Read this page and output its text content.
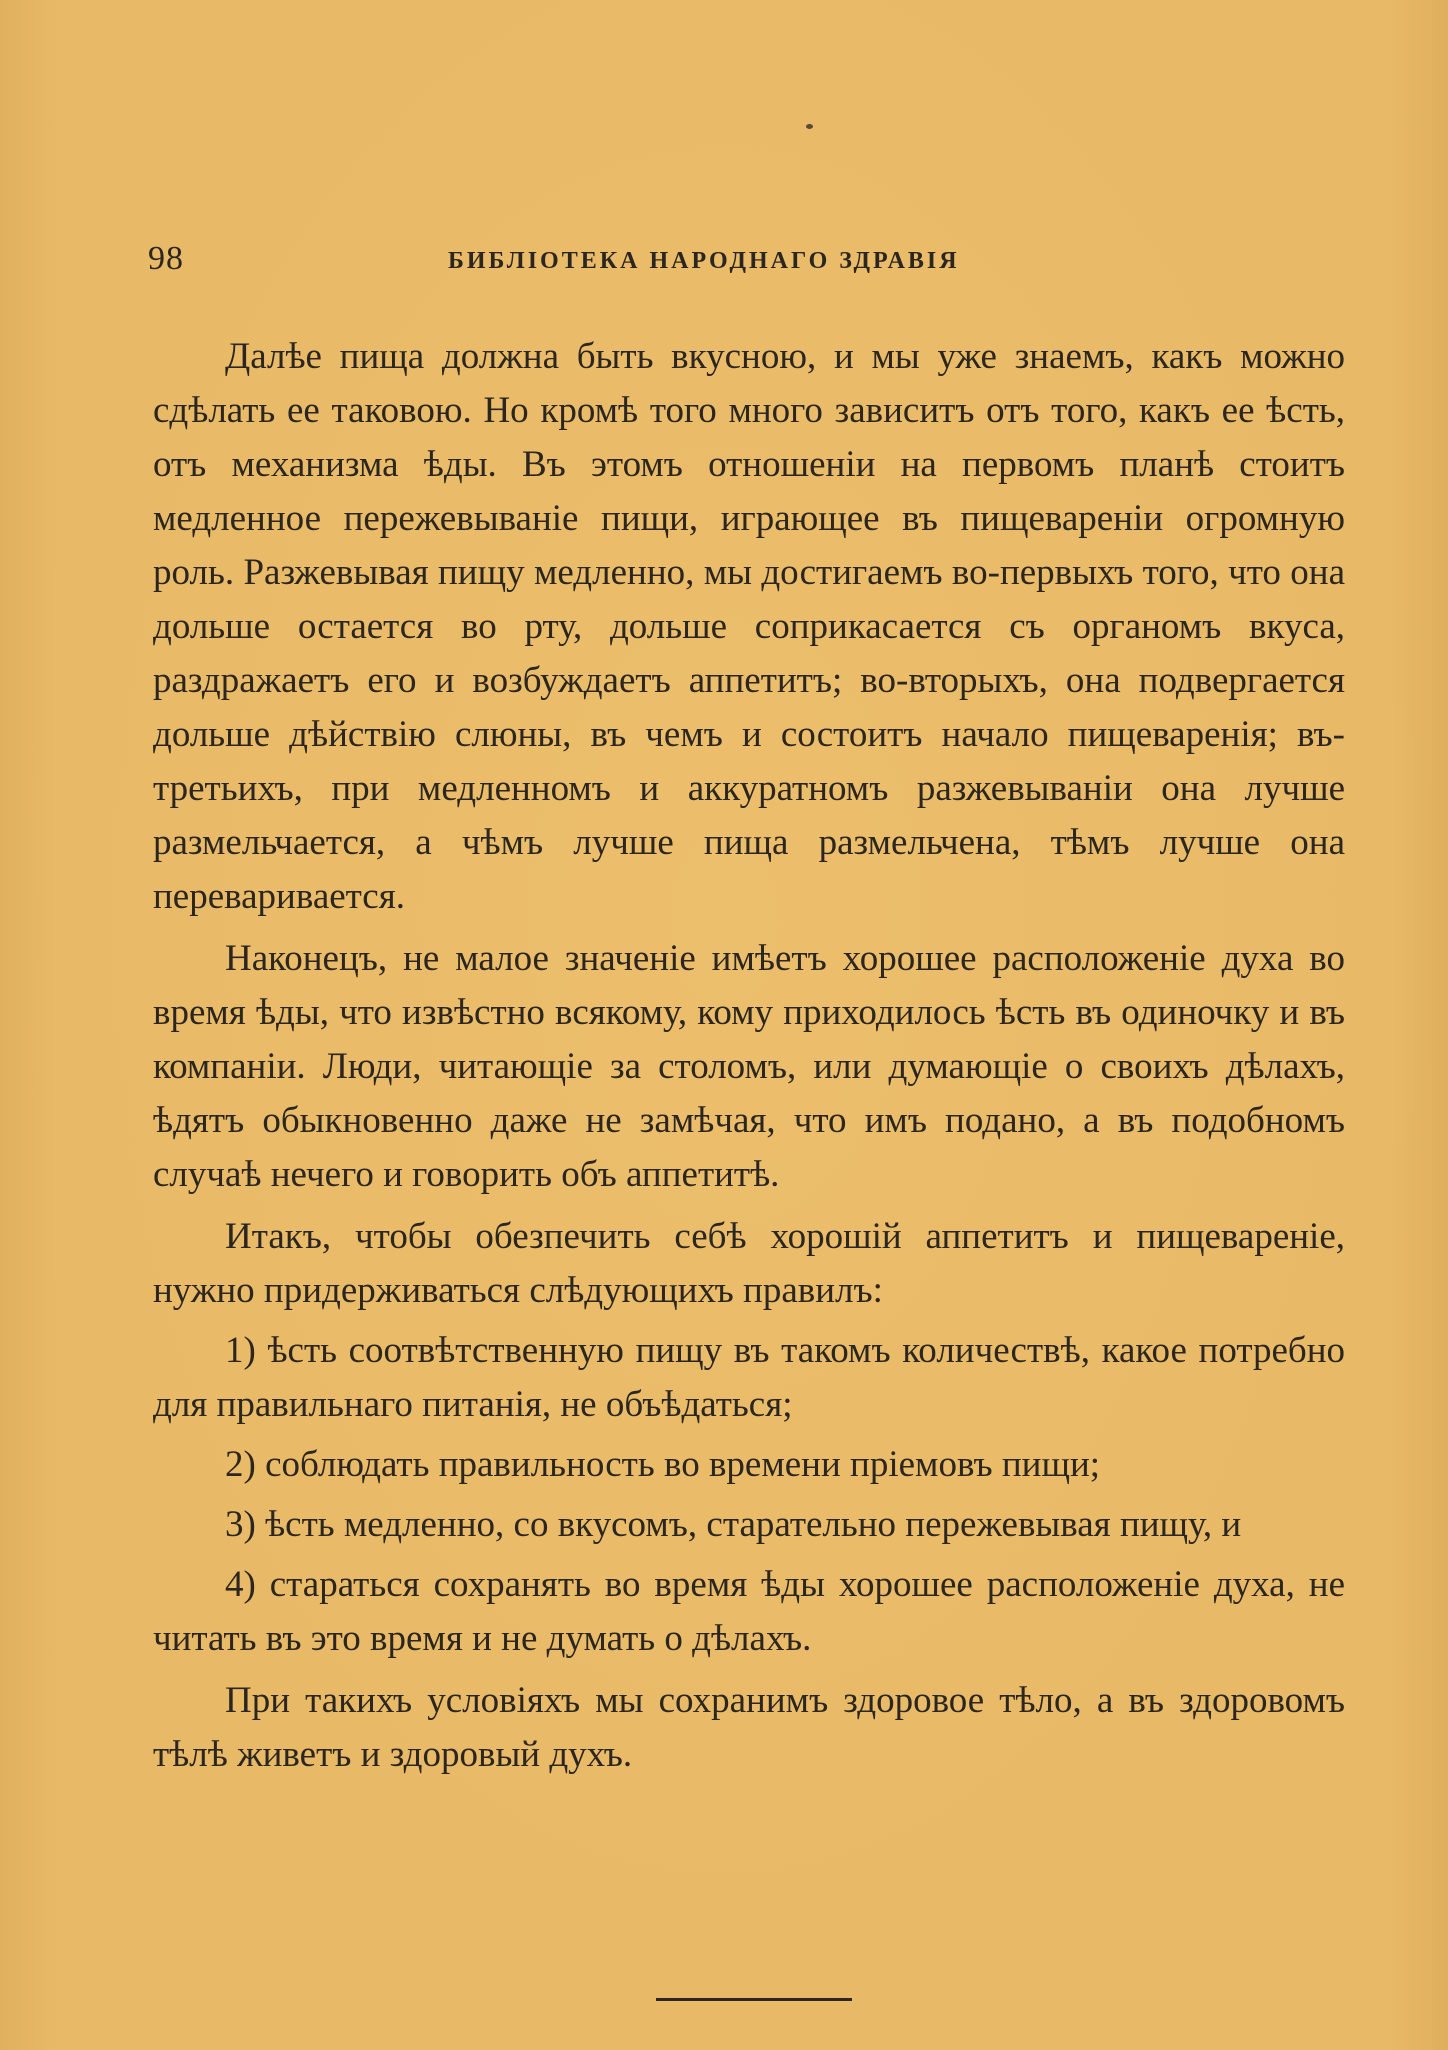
98	БИБЛIОТЕКА НАРОДНАГО ЗДРАВIЯ

Далѣе пища должна быть вкусною, и мы уже знаемъ, какъ можно сдѣлать ее таковою. Но кромѣ того много зависитъ отъ того, какъ ее ѣсть, отъ механизма ѣды. Въ этомъ отношенiи на первомъ планѣ стоитъ медленное пережевыванiе пищи, играющее въ пищеваренiи огромную роль. Разжевывая пищу медленно, мы достигаемъ во-первыхъ того, что она дольше остается во рту, дольше соприкасается съ органомъ вкуса, раздражаетъ его и возбуждаетъ аппетитъ; во-вторыхъ, она подвергается дольше дѣйствiю слюны, въ чемъ и состоитъ начало пищеваренiя; въ-третьихъ, при медленномъ и аккуратномъ разжевыванiи она лучше размельчается, а чѣмъ лучше пища размельчена, тѣмъ лучше она переваривается.

Наконецъ, не малое значенiе имѣетъ хорошее расположенiе духа во время ѣды, что извѣстно всякому, кому приходилось ѣсть въ одиночку и въ компанiи. Люди, читающiе за столомъ, или думающiе о своихъ дѣлахъ, ѣдятъ обыкновенно даже не замѣчая, что имъ подано, а въ подобномъ случаѣ нечего и говорить объ аппетитѣ.

Итакъ, чтобы обезпечить себѣ хорошiй аппетитъ и пищеваренiе, нужно придерживаться слѣдующихъ правилъ:

1) ѣсть соотвѣтственную пищу въ такомъ количествѣ, какое потребно для правильнаго питанiя, не объѣдаться;

2) соблюдать правильность во времени прiемовъ пищи;

3) ѣсть медленно, со вкусомъ, старательно пережевывая пищу, и

4) стараться сохранять во время ѣды хорошее расположенiе духа, не читать въ это время и не думать о дѣлахъ.

При такихъ условiяхъ мы сохранимъ здоровое тѣло, а въ здоровомъ тѣлѣ живетъ и здоровый духъ.
